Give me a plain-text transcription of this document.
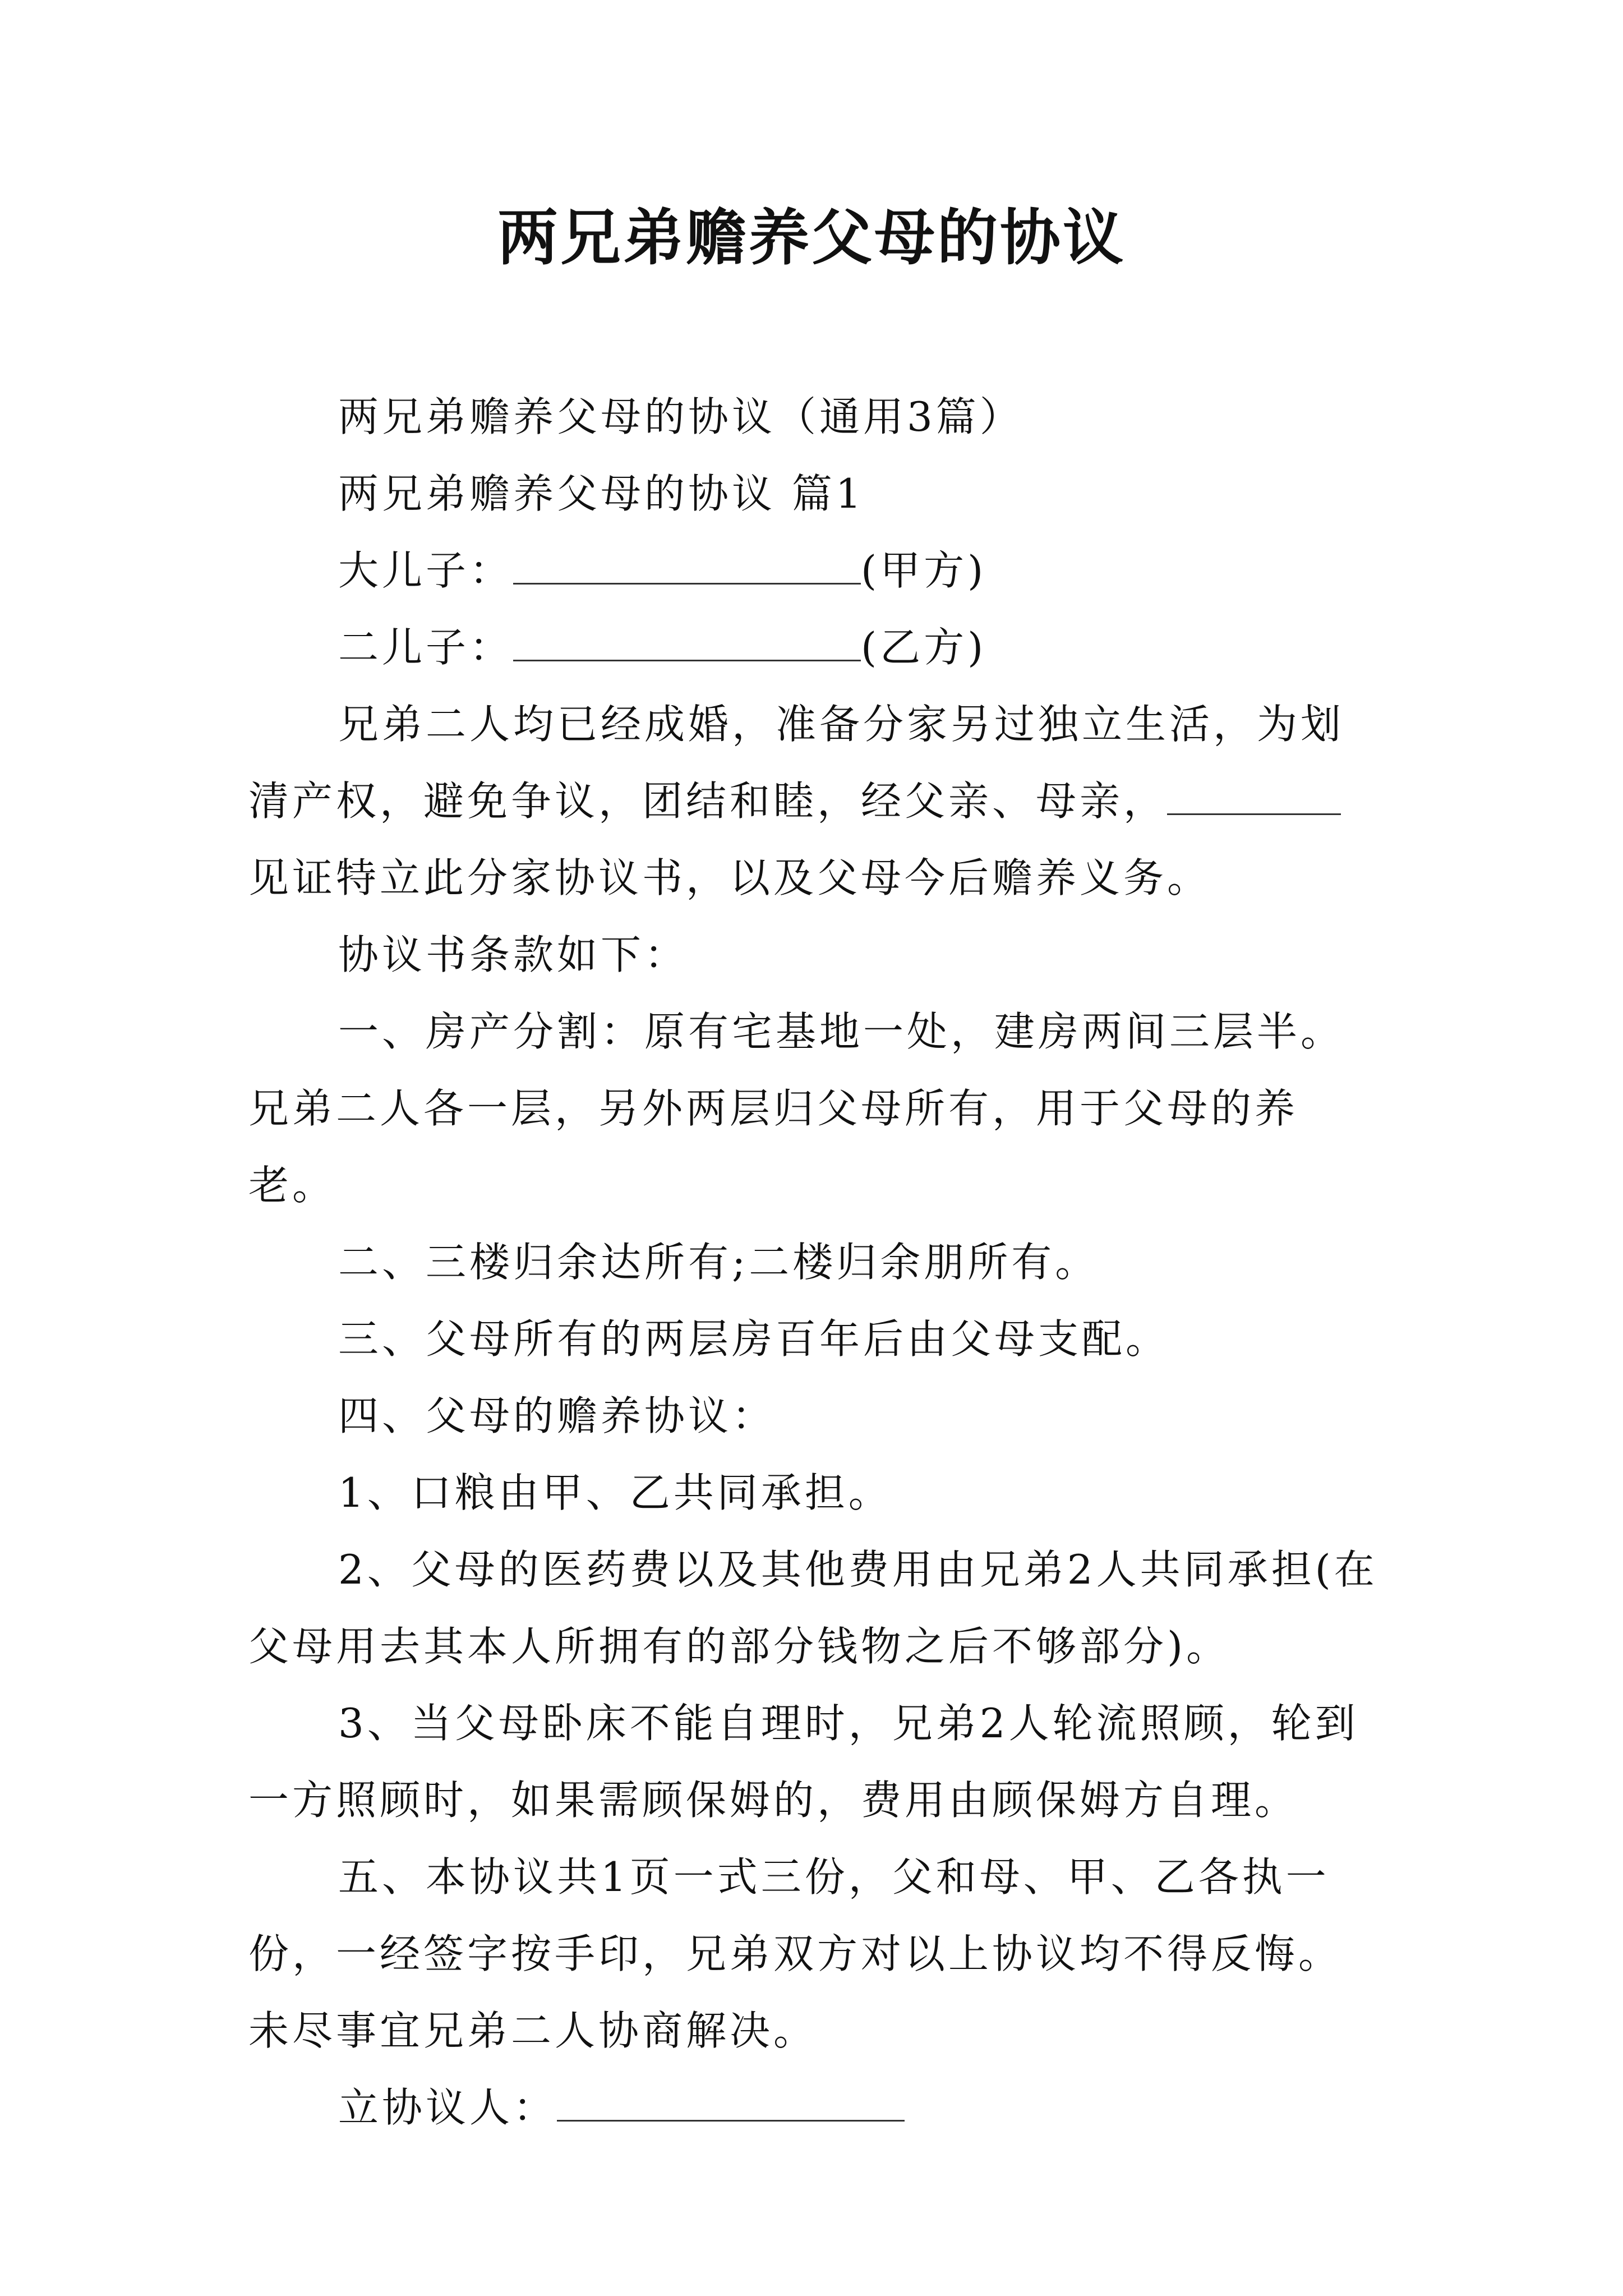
两兄弟赡养父母的协议

两兄弟赡养父母的协议（通用3篇）

两兄弟赡养父母的协议 篇1

大儿子：	(甲方)

二儿子：	(乙方)

兄弟二人均已经成婚，准备分家另过独立生活，为划清产权，避免争议，团结和睦，经父亲、母亲，见证特立此分家协议书，以及父母今后赡养义务。

协议书条款如下：

一、房产分割：原有宅基地一处，建房两间三层半。兄弟二人各一层，另外两层归父母所有，用于父母的养老。

二、三楼归余达所有;二楼归余朋所有。

三、父母所有的两层房百年后由父母支配。

四、父母的赡养协议：

1、口粮由甲、乙共同承担。

2、父母的医药费以及其他费用由兄弟2人共同承担(在父母用去其本人所拥有的部分钱物之后不够部分)。

3、当父母卧床不能自理时，兄弟2人轮流照顾，轮到一方照顾时，如果需顾保姆的，费用由顾保姆方自理。

五、本协议共1页一式三份，父和母、甲、乙各执一份，一经签字按手印，兄弟双方对以上协议均不得反悔。未尽事宜兄弟二人协商解决。

立协议人：
